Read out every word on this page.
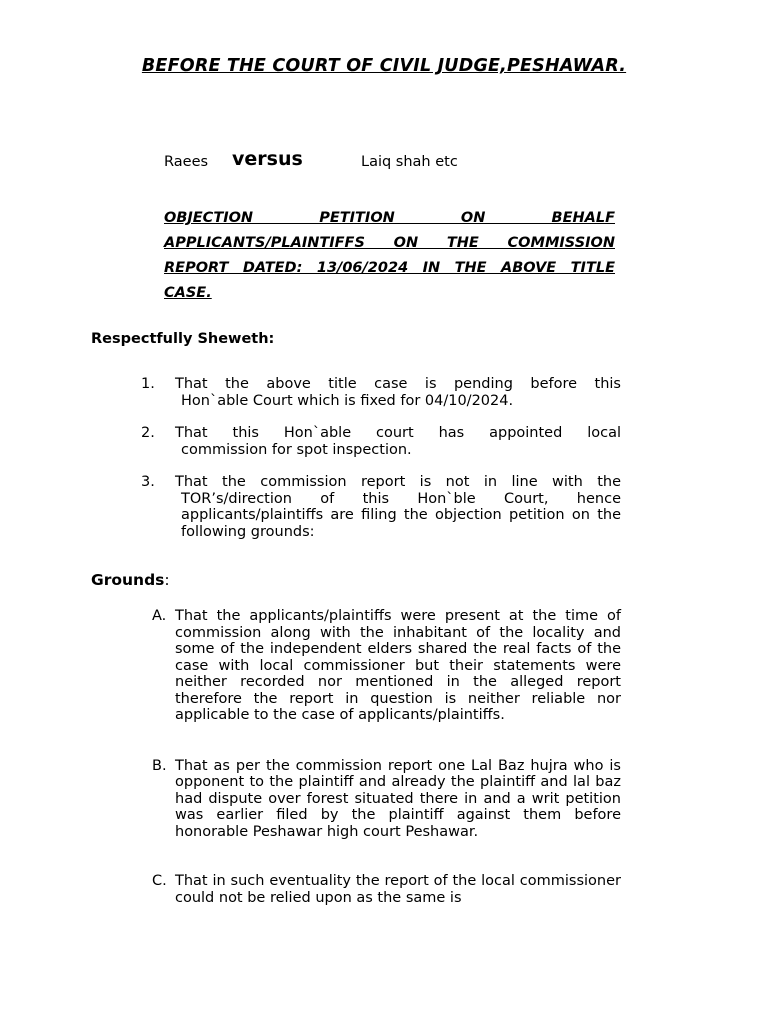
BEFORE THE COURT OF CIVIL JUDGE,PESHAWAR.
Raees versus	Laiq shah etc
OBJECTION PETITION ON BEHALF
APPLICANTS/PLAINTIFFS ON THE COMMISSION
REPORT DATED: 13/06/2024 IN THE ABOVE TITLE
CASE.
Respectfully Sheweth:
1. That the above title case is pending before this
Hon`able Court which is fixed for 04/10/2024.
2. That this Hon`able court has appointed local
commission for spot inspection.
3. That the commission report is not in line with the
TOR’s/direction of this Hon`ble Court, hence applicants/plaintiffs are filing the objection petition on the following grounds:
Grounds:
A. That the applicants/plaintiffs were present at the time of commission along with the inhabitant of the locality and some of the independent elders shared the real facts of the case with local commissioner but their statements were neither recorded nor mentioned in the alleged report therefore the report in question is neither reliable nor applicable to the case of applicants/plaintiffs.
B. That as per the commission report one Lal Baz hujra who is opponent to the plaintiff and already the plaintiff and lal baz had dispute over forest situated there in and a writ petition was earlier filed by the plaintiff against them before honorable Peshawar high court Peshawar.
C. That in such eventuality the report of the local commissioner could not be relied upon as the same is
